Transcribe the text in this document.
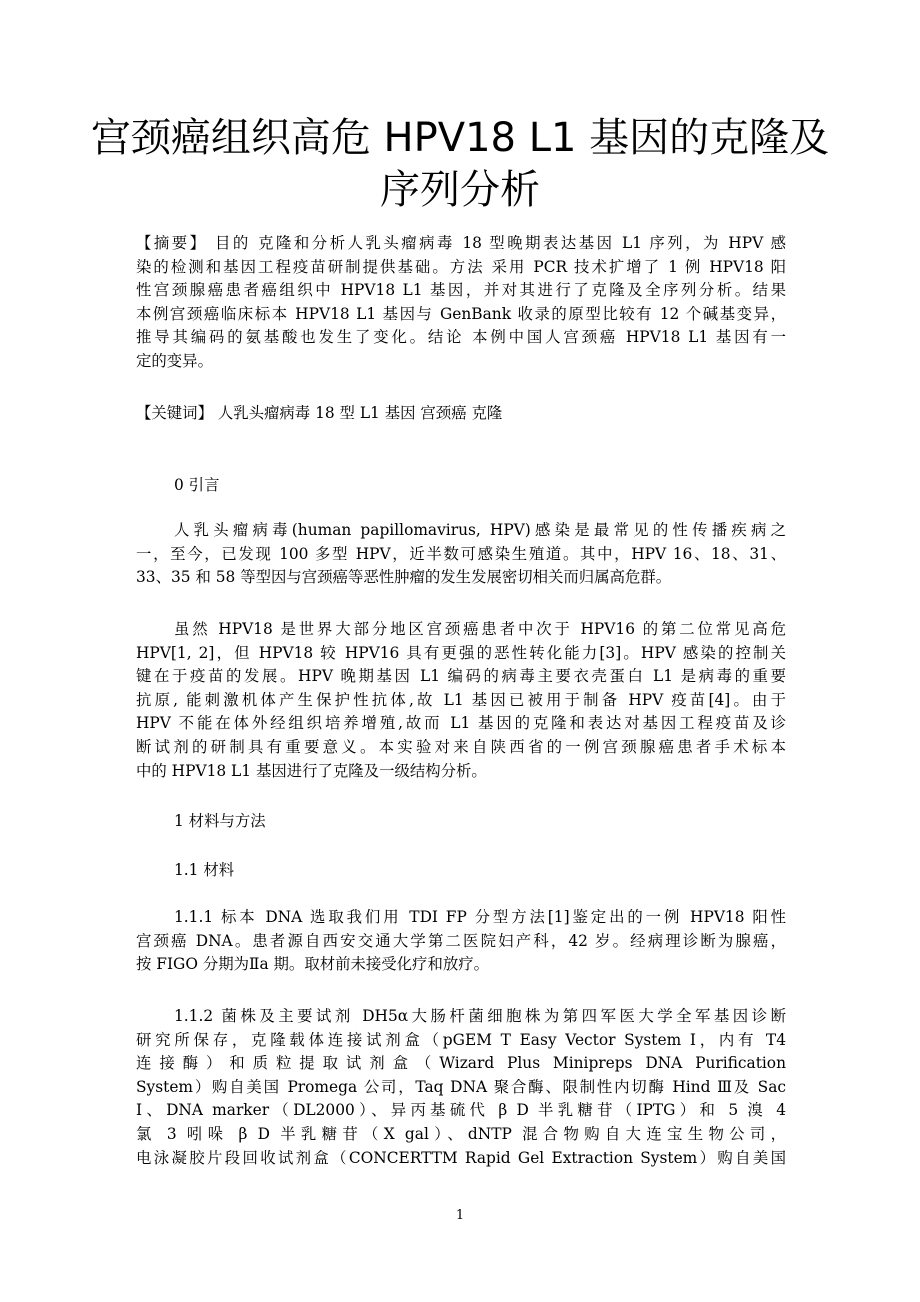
宫颈癌组织高危 HPV18 L1 基因的克隆及
序列分析
【摘要】 目的 克隆和分析人乳头瘤病毒 18 型晚期表达基因 L1 序列，为 HPV 感
染的检测和基因工程疫苗研制提供基础。方法 采用 PCR 技术扩增了 1 例 HPV18 阳
性宫颈腺癌患者癌组织中 HPV18 L1 基因，并对其进行了克隆及全序列分析。结果
本例宫颈癌临床标本 HPV18 L1 基因与 GenBank 收录的原型比较有 12 个碱基变异，
推导其编码的氨基酸也发生了变化。结论 本例中国人宫颈癌 HPV18 L1 基因有一
定的变异。
【关键词】 人乳头瘤病毒 18 型 L1 基因 宫颈癌 克隆
0 引言
人乳头瘤病毒(human papillomavirus, HPV)感染是最常见的性传播疾病之
一，至今，已发现 100 多型 HPV，近半数可感染生殖道。其中，HPV 16、18、31、
33、35 和 58 等型因与宫颈癌等恶性肿瘤的发生发展密切相关而归属高危群。
虽然 HPV18 是世界大部分地区宫颈癌患者中次于 HPV16 的第二位常见高危
HPV[1, 2]，但 HPV18 较 HPV16 具有更强的恶性转化能力[3]。HPV 感染的控制关
键在于疫苗的发展。HPV 晚期基因 L1 编码的病毒主要衣壳蛋白 L1 是病毒的重要
抗原, 能刺激机体产生保护性抗体,故 L1 基因已被用于制备 HPV 疫苗[4]。由于
HPV 不能在体外经组织培养增殖,故而 L1 基因的克隆和表达对基因工程疫苗及诊
断试剂的研制具有重要意义。本实验对来自陕西省的一例宫颈腺癌患者手术标本
中的 HPV18 L1 基因进行了克隆及一级结构分析。
1 材料与方法
1.1 材料
1.1.1 标本 DNA 选取我们用 TDI FP 分型方法[1]鉴定出的一例 HPV18 阳性
宫颈癌 DNA。患者源自西安交通大学第二医院妇产科，42 岁。经病理诊断为腺癌，
按 FIGO 分期为Ⅱa 期。取材前未接受化疗和放疗。
1.1.2 菌株及主要试剂 DH5α大肠杆菌细胞株为第四军医大学全军基因诊断
研究所保存，克隆载体连接试剂盒（pGEM T Easy Vector System I，内有 T4
连接酶）和质粒提取试剂盒（Wizard Plus Minipreps DNA Purification
System）购自美国 Promega 公司，Taq DNA 聚合酶、限制性内切酶 Hind Ⅲ及 Sac
Ⅰ、DNA marker（DL2000）、异丙基硫代 β D 半乳糖苷（IPTG）和 5 溴 4
氯 3 吲哚 β D 半乳糖苷（X gal）、dNTP 混合物购自大连宝生物公司，
电泳凝胶片段回收试剂盒（CONCERTTM Rapid Gel Extraction System）购自美国
1
